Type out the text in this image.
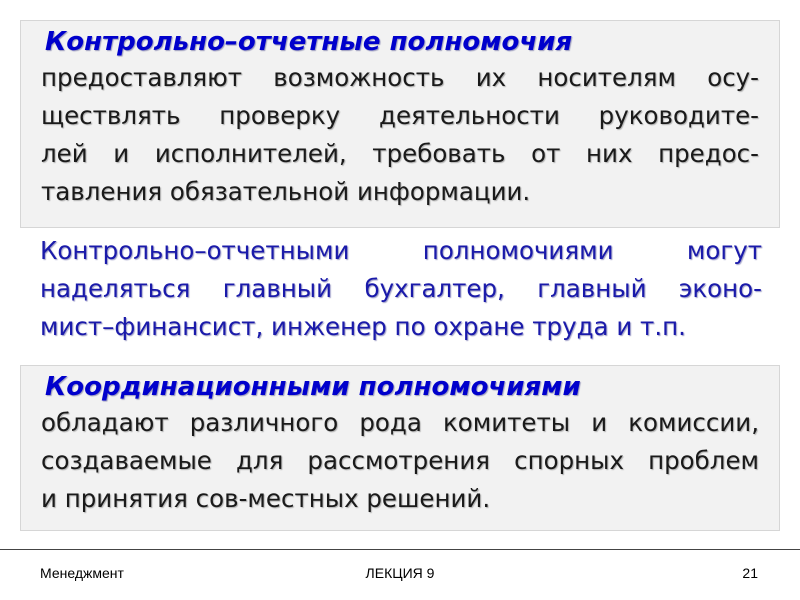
Контрольно–отчетные полномочия
предоставляют возможность их носителям осу-
ществлять проверку деятельности руководите-
лей и исполнителей, требовать от них предос-
тавления обязательной информации.
Контрольно–отчетными полномочиями могут
наделяться главный бухгалтер, главный эконо-
мист–финансист, инженер по охране труда и т.п.
Координационными полномочиями
обладают различного рода комитеты и комиссии,
создаваемые для рассмотрения спорных проблем
и принятия сов-местных решений.
Менеджмент	ЛЕКЦИЯ 9	21
